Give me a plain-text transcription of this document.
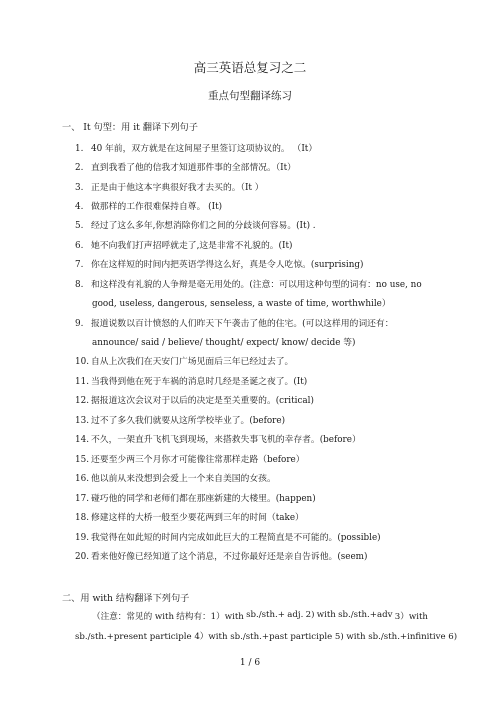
高三英语总复习之二
重点句型翻译练习
一、 It 句型：用 it 翻译下列句子
1. 40 年前，双方就是在这间屋子里签订这项协议的。 （It）
2. 直到我看了他的信我才知道那件事的全部情况。（It）
3. 正是由于他这本字典很好我才去买的。（It ）
4. 做那样的工作很难保持自尊。 (It)
5. 经过了这么多年,你想消除你们之间的分歧谈何容易。(It) .
6. 她不向我们打声招呼就走了,这是非常不礼貌的。(It)
7. 你在这样短的时间内把英语学得这么好，真是令人吃惊。(surprising)
8. 和这样没有礼貌的人争辩是毫无用处的。(注意：可以用这种句型的词有：no use, no
good, useless, dangerous, senseless, a waste of time, worthwhile）
9. 报道说数以百计愤怒的人们昨天下午袭击了他的住宅。(可以这样用的词还有：
announce/ said / believe/ thought/ expect/ know/ decide 等)
10. 自从上次我们在天安门广场见面后三年已经过去了。
11. 当我得到他在死于车祸的消息时几经是圣诞之夜了。(It)
12. 据报道这次会议对于以后的决定是至关重要的。(critical)
13. 过不了多久我们就要从这所学校毕业了。(before)
14. 不久，一架直升飞机飞到现场，来搭救失事飞机的幸存者。(before）
15. 还要至少两三个月你才可能像往常那样走路（before）
16. 他以前从来没想到会爱上一个来自美国的女孩。
17. 碰巧他的同学和老师们都在那座新建的大楼里。(happen)
18. 修建这样的大桥一般至少要花两到三年的时间（take）
19. 我觉得在如此短的时间内完成如此巨大的工程简直是不可能的。(possible)
20. 看来他好像已经知道了这个消息，不过你最好还是亲自告诉他。(seem)
二、用 with 结构翻译下列句子
（注意：常见的 with 结构有：1）with sb./sth.+ adj. 2) with sb./sth.+adv 3）with
sb./sth.+present participle 4）with sb./sth.+past participle 5) with sb./sth.+infinitive 6)
1 / 6
